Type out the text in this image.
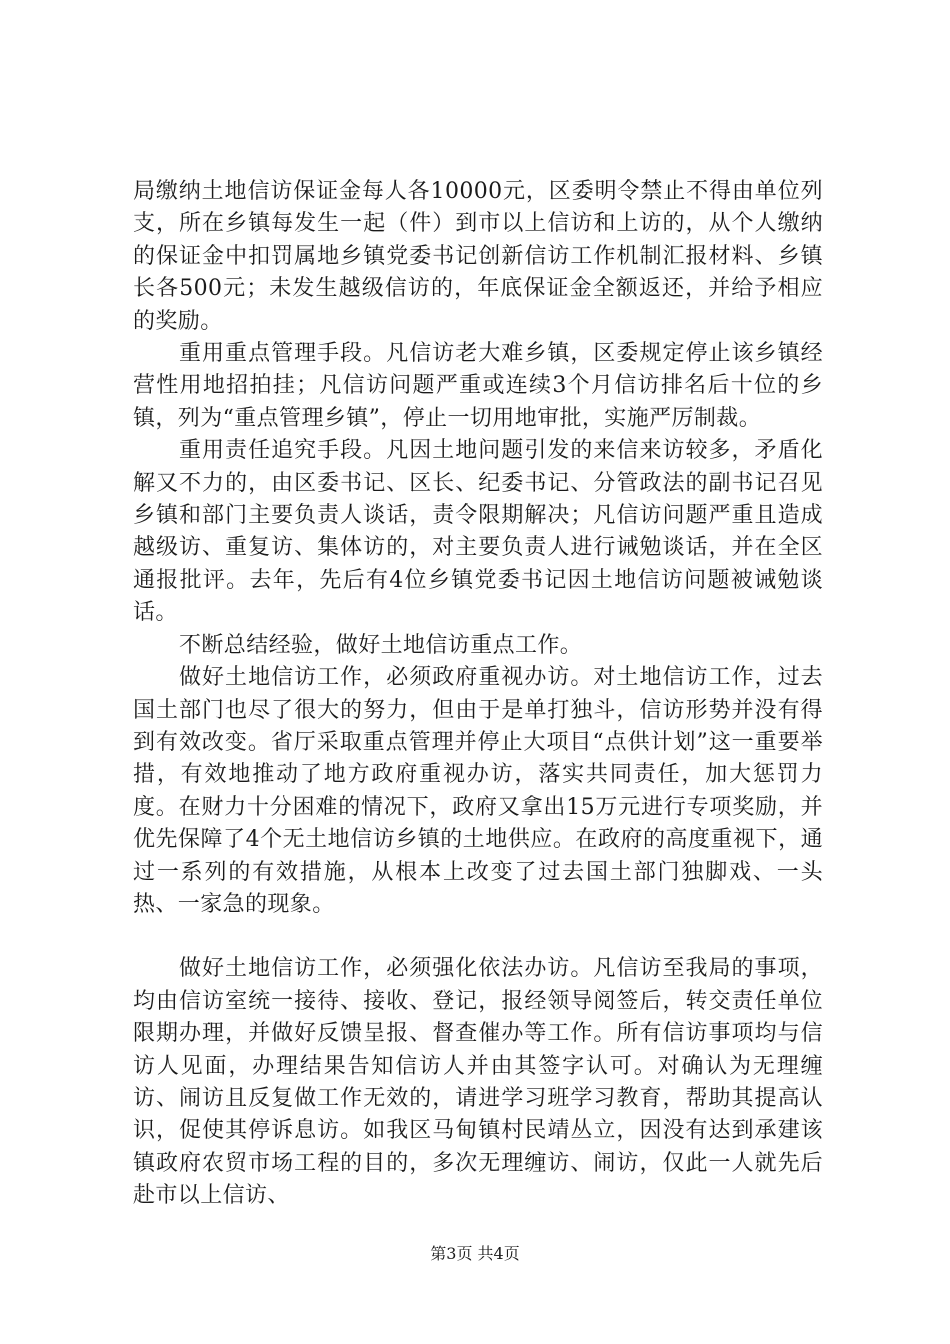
局缴纳土地信访保证金每人各10000元，区委明令禁止不得由单位列支，所在乡镇每发生一起（件）到市以上信访和上访的，从个人缴纳的保证金中扣罚属地乡镇党委书记创新信访工作机制汇报材料、乡镇长各500元；未发生越级信访的，年底保证金全额返还，并给予相应的奖励。

重用重点管理手段。凡信访老大难乡镇，区委规定停止该乡镇经营性用地招拍挂；凡信访问题严重或连续3个月信访排名后十位的乡镇，列为“重点管理乡镇”，停止一切用地审批，实施严厉制裁。

重用责任追究手段。凡因土地问题引发的来信来访较多，矛盾化解又不力的，由区委书记、区长、纪委书记、分管政法的副书记召见乡镇和部门主要负责人谈话，责令限期解决；凡信访问题严重且造成越级访、重复访、集体访的，对主要负责人进行诫勉谈话，并在全区通报批评。去年，先后有4位乡镇党委书记因土地信访问题被诫勉谈话。

不断总结经验，做好土地信访重点工作。

做好土地信访工作，必须政府重视办访。对土地信访工作，过去国土部门也尽了很大的努力，但由于是单打独斗，信访形势并没有得到有效改变。省厅采取重点管理并停止大项目“点供计划”这一重要举措，有效地推动了地方政府重视办访，落实共同责任，加大惩罚力度。在财力十分困难的情况下，政府又拿出15万元进行专项奖励，并优先保障了4个无土地信访乡镇的土地供应。在政府的高度重视下，通过一系列的有效措施，从根本上改变了过去国土部门独脚戏、一头热、一家急的现象。

做好土地信访工作，必须强化依法办访。凡信访至我局的事项，均由信访室统一接待、接收、登记，报经领导阅签后，转交责任单位限期办理，并做好反馈呈报、督查催办等工作。所有信访事项均与信访人见面，办理结果告知信访人并由其签字认可。对确认为无理缠访、闹访且反复做工作无效的，请进学习班学习教育，帮助其提高认识，促使其停诉息访。如我区马甸镇村民靖丛立，因没有达到承建该镇政府农贸市场工程的目的，多次无理缠访、闹访，仅此一人就先后赴市以上信访、

第3页 共4页
